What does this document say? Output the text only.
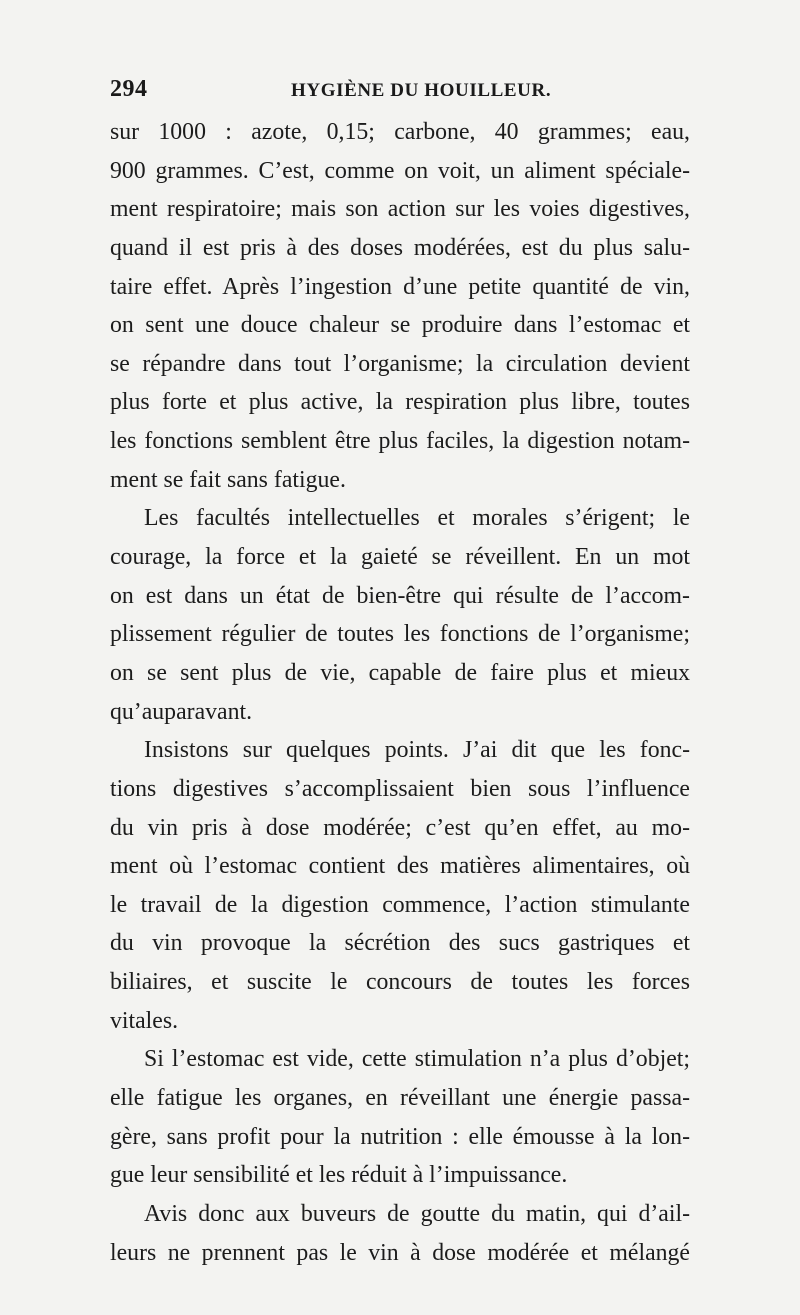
294	HYGIÈNE DU HOUILLEUR.
sur 1000 : azote, 0,15; carbone, 40 grammes; eau,
900 grammes. C’est, comme on voit, un aliment spéciale-
ment respiratoire; mais son action sur les voies digestives,
quand il est pris à des doses modérées, est du plus salu-
taire effet. Après l’ingestion d’une petite quantité de vin,
on sent une douce chaleur se produire dans l’estomac et
se répandre dans tout l’organisme; la circulation devient
plus forte et plus active, la respiration plus libre, toutes
les fonctions semblent être plus faciles, la digestion notam-
ment se fait sans fatigue.
Les facultés intellectuelles et morales s’érigent; le
courage, la force et la gaieté se réveillent. En un mot
on est dans un état de bien-être qui résulte de l’accom-
plissement régulier de toutes les fonctions de l’organisme;
on se sent plus de vie, capable de faire plus et mieux
qu’auparavant.
Insistons sur quelques points. J’ai dit que les fonc-
tions digestives s’accomplissaient bien sous l’influence
du vin pris à dose modérée; c’est qu’en effet, au mo-
ment où l’estomac contient des matières alimentaires, où
le travail de la digestion commence, l’action stimulante
du vin provoque la sécrétion des sucs gastriques et
biliaires, et suscite le concours de toutes les forces
vitales.
Si l’estomac est vide, cette stimulation n’a plus d’objet;
elle fatigue les organes, en réveillant une énergie passa-
gère, sans profit pour la nutrition : elle émousse à la lon-
gue leur sensibilité et les réduit à l’impuissance.
Avis donc aux buveurs de goutte du matin, qui d’ail-
leurs ne prennent pas le vin à dose modérée et mélangé
